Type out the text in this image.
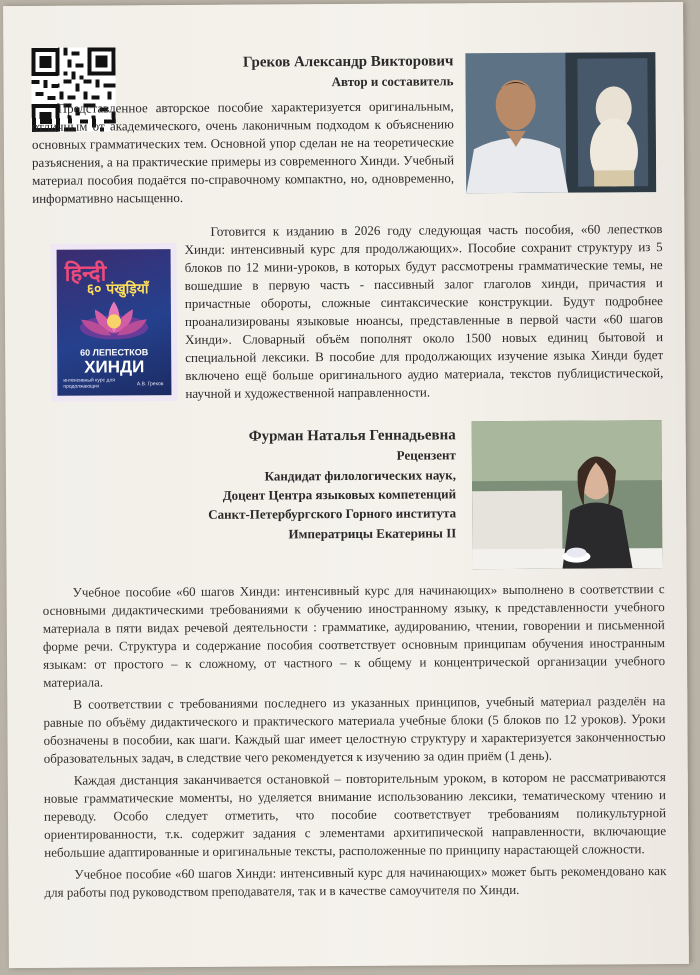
Греков Александр Викторович
Автор и составитель

Представленное авторское пособие характеризуется оригинальным, отличным от академического, очень лаконичным подходом к объяснению основных грамматических тем. Основной упор сделан не на теоретические разъяснения, а на практические примеры из современного Хинди. Учебный материал пособия подаётся по-справочному компактно, но, одновременно, информативно насыщенно.

हिन्दी
६० पंखुड़ियाँ
60 ЛЕПЕСТКОВ
ХИНДИ
интенсивный курс для продолжающих	А.В. Греков

Готовится к изданию в 2026 году следующая часть пособия, «60 лепестков Хинди: интенсивный курс для продолжающих». Пособие сохранит структуру из 5 блоков по 12 мини-уроков, в которых будут рассмотрены грамматические темы, не вошедшие в первую часть - пассивный залог глаголов хинди, причастия и причастные обороты, сложные синтаксические конструкции. Будут подробнее проанализированы языковые нюансы, представленные в первой части «60 шагов Хинди». Словарный объём пополнят около 1500 новых единиц бытовой и специальной лексики. В пособие для продолжающих изучение языка Хинди будет включено ещё больше оригинального аудио материала, текстов публицистической, научной и художественной направленности.

Фурман Наталья Геннадьевна
Рецензент
Кандидат филологических наук,
Доцент Центра языковых компетенций
Санкт-Петербургского Горного института
Императрицы Екатерины II

Учебное пособие «60 шагов Хинди: интенсивный курс для начинающих» выполнено в соответствии с основными дидактическими требованиями к обучению иностранному языку, к представленности учебного материала в пяти видах речевой деятельности : грамматике, аудированию, чтении, говорении и письменной форме речи. Структура и содержание пособия соответствует основным принципам обучения иностранным языкам: от простого – к сложному, от частного – к общему и концентрической организации учебного материала.

В соответствии с требованиями последнего из указанных принципов, учебный материал разделён на равные по объёму дидактического и практического материала учебные блоки (5 блоков по 12 уроков). Уроки обозначены в пособии, как шаги. Каждый шаг имеет целостную структуру и характеризуется законченностью образовательных задач, в следствие чего рекомендуется к изучению за один приём (1 день).

Каждая дистанция заканчивается остановкой – повторительным уроком, в котором не рассматриваются новые грамматические моменты, но уделяется внимание использованию лексики, тематическому чтению и переводу. Особо следует отметить, что пособие соответствует требованиям поликультурной ориентированности, т.к. содержит задания с элементами архитипической направленности, включающие небольшие адаптированные и оригинальные тексты, расположенные по принципу нарастающей сложности.

Учебное пособие «60 шагов Хинди: интенсивный курс для начинающих» может быть рекомендовано как для работы под руководством преподавателя, так и в качестве самоучителя по Хинди.
